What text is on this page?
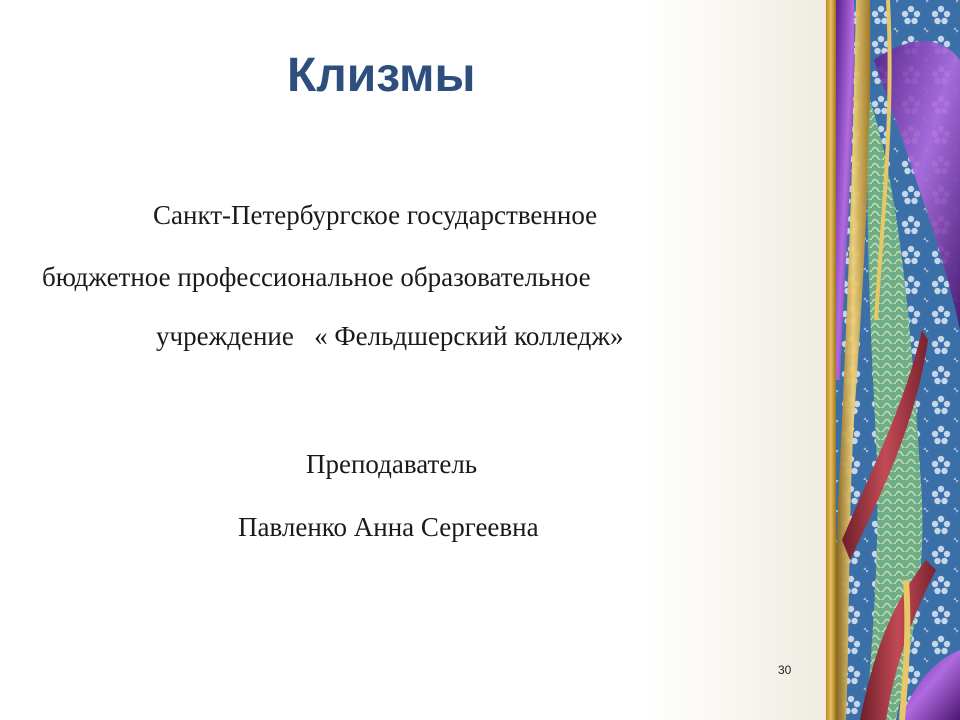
Клизмы

Санкт-Петербургское государственное

бюджетное профессиональное образовательное

учреждение   « Фельдшерский колледж»

Преподаватель

Павленко Анна Сергеевна

30
